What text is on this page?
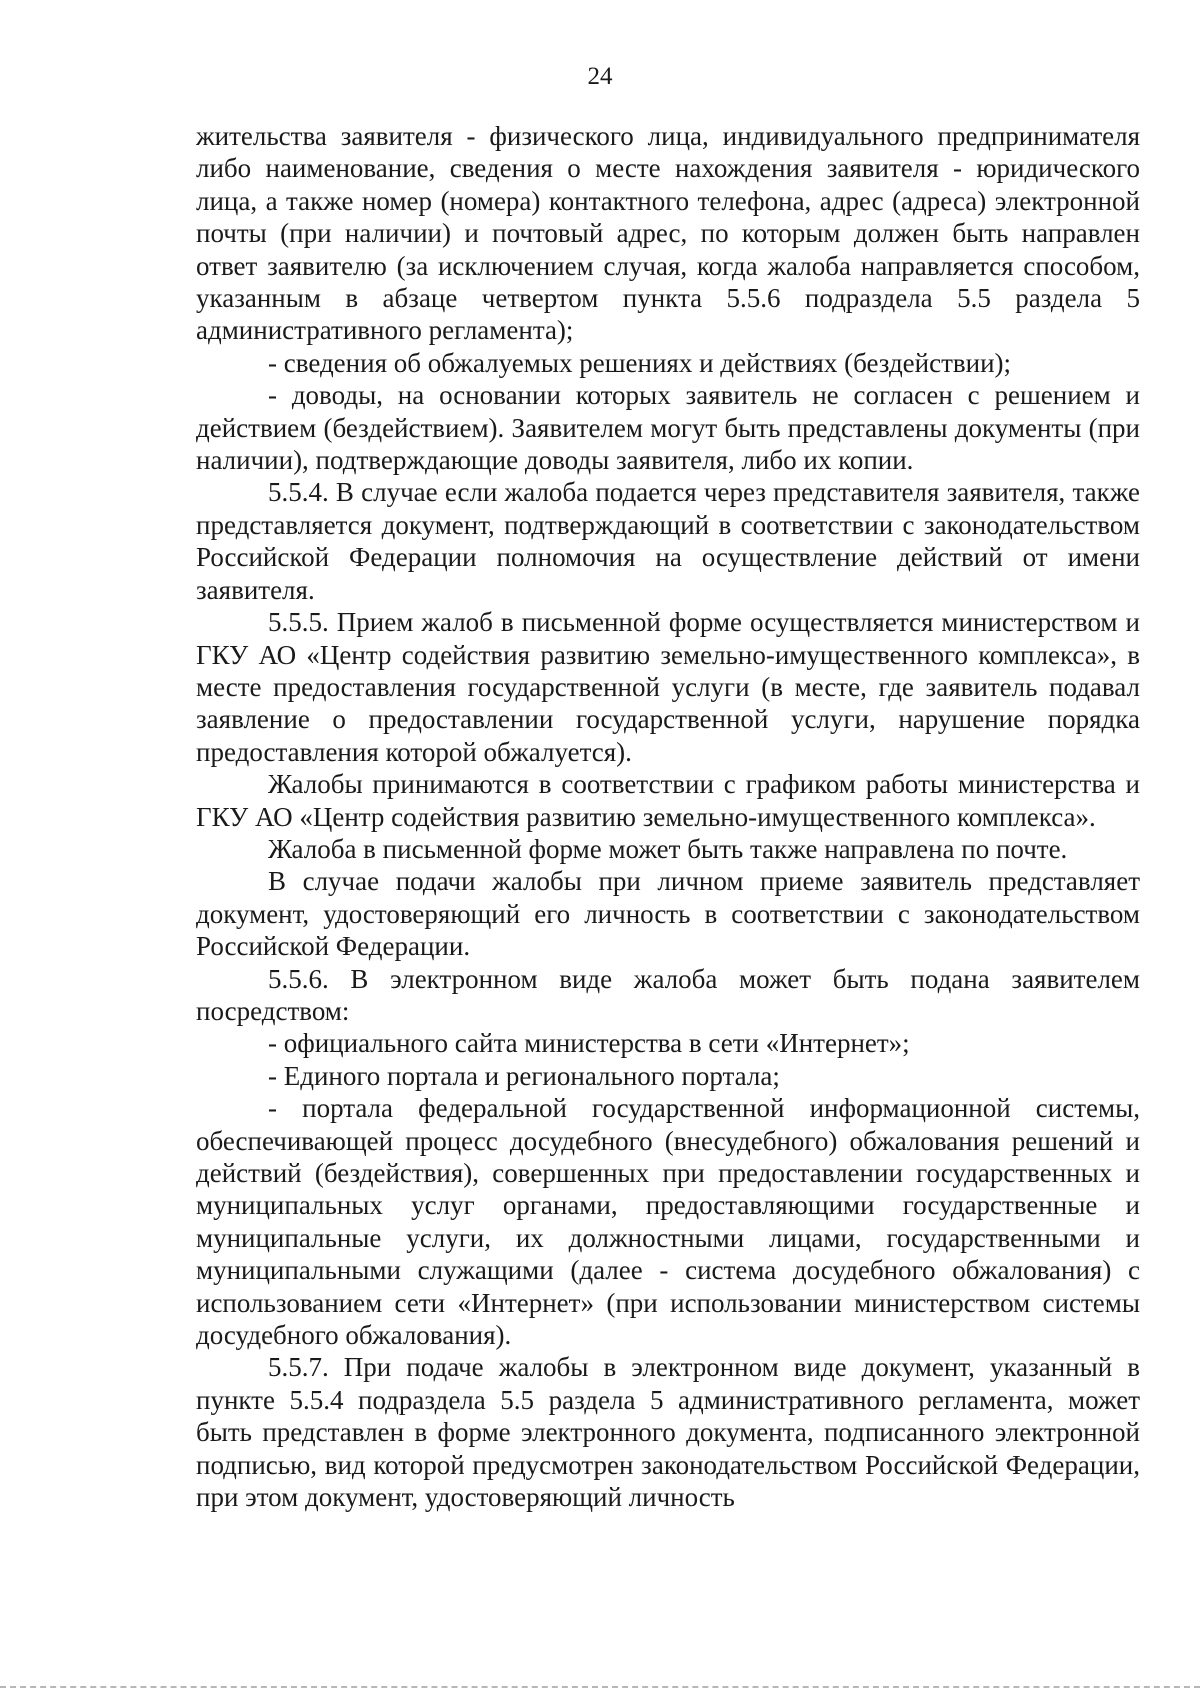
24

жительства заявителя - физического лица, индивидуального предпринимателя либо наименование, сведения о месте нахождения заявителя - юридического лица, а также номер (номера) контактного телефона, адрес (адреса) электронной почты (при наличии) и почтовый адрес, по которым должен быть направлен ответ заявителю (за исключением случая, когда жалоба направляется способом, указанным в абзаце четвертом пункта 5.5.6 подраздела 5.5 раздела 5 административного регламента);

- сведения об обжалуемых решениях и действиях (бездействии);

- доводы, на основании которых заявитель не согласен с решением и действием (бездействием). Заявителем могут быть представлены документы (при наличии), подтверждающие доводы заявителя, либо их копии.

5.5.4. В случае если жалоба подается через представителя заявителя, также представляется документ, подтверждающий в соответствии с законодательством Российской Федерации полномочия на осуществление действий от имени заявителя.

5.5.5. Прием жалоб в письменной форме осуществляется министерством и ГКУ АО «Центр содействия развитию земельно-имущественного комплекса», в месте предоставления государственной услуги (в месте, где заявитель подавал заявление о предоставлении государственной услуги, нарушение порядка предоставления которой обжалуется).

Жалобы принимаются в соответствии с графиком работы министерства и ГКУ АО «Центр содействия развитию земельно-имущественного комплекса».

Жалоба в письменной форме может быть также направлена по почте.

В случае подачи жалобы при личном приеме заявитель представляет документ, удостоверяющий его личность в соответствии с законодательством Российской Федерации.

5.5.6. В электронном виде жалоба может быть подана заявителем посредством:

- официального сайта министерства в сети «Интернет»;

- Единого портала и регионального портала;

- портала федеральной государственной информационной системы, обеспечивающей процесс досудебного (внесудебного) обжалования решений и действий (бездействия), совершенных при предоставлении государственных и муниципальных услуг органами, предоставляющими государственные и муниципальные услуги, их должностными лицами, государственными и муниципальными служащими (далее - система досудебного обжалования) с использованием сети «Интернет» (при использовании министерством системы досудебного обжалования).

5.5.7. При подаче жалобы в электронном виде документ, указанный в пункте 5.5.4 подраздела 5.5 раздела 5 административного регламента, может быть представлен в форме электронного документа, подписанного электронной подписью, вид которой предусмотрен законодательством Российской Федерации, при этом документ, удостоверяющий личность
